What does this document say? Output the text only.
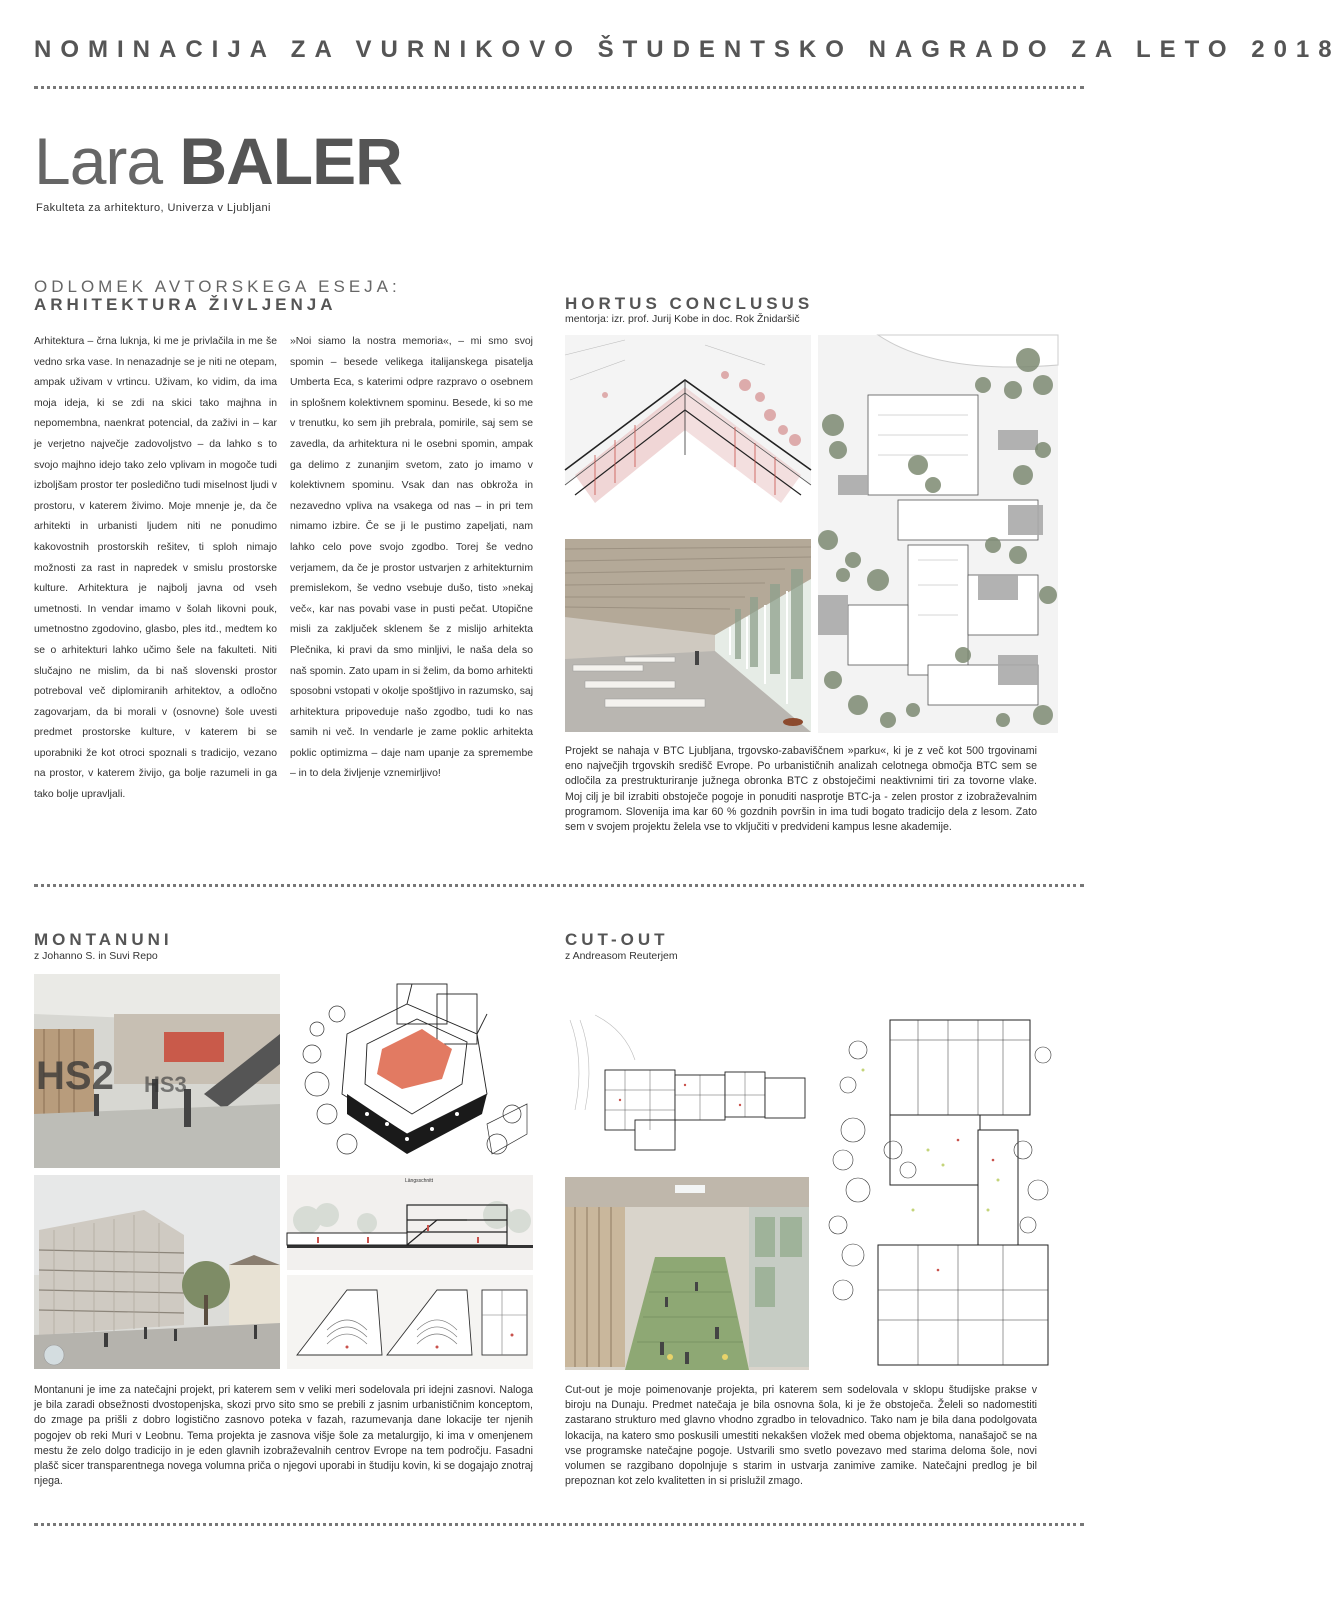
NOMINACIJA ZA VURNIKOVO ŠTUDENTSKO NAGRADO ZA LETO 2018
Lara BALER
Fakulteta za arhitekturo, Univerza v Ljubljani
ODLOMEK AVTORSKEGA ESEJA:
ARHITEKTURA ŽIVLJENJA
Arhitektura – črna luknja, ki me je privlačila in me še vedno srka vase. In nenazadnje se je niti ne otepam, ampak uživam v vrtincu. Uživam, ko vidim, da ima moja ideja, ki se zdi na skici tako majhna in nepomembna, naenkrat potencial, da zaživi in – kar je verjetno največje zadovoljstvo – da lahko s to svojo majhno idejo tako zelo vplivam in mogoče tudi izboljšam prostor ter posledično tudi miselnost ljudi v prostoru, v katerem živimo. Moje mnenje je, da če arhitekti in urbanisti ljudem niti ne ponudimo kakovostnih prostorskih rešitev, ti sploh nimajo možnosti za rast in napredek v smislu prostorske kulture. Arhitektura je najbolj javna od vseh umetnosti. In vendar imamo v šolah likovni pouk, umetnostno zgodovino, glasbo, ples itd., medtem ko se o arhitekturi lahko učimo šele na fakulteti. Niti slučajno ne mislim, da bi naš slovenski prostor potreboval več diplomiranih arhitektov, a odločno zagovarjam, da bi morali v (osnovne) šole uvesti predmet prostorske kulture, v katerem bi se uporabniki že kot otroci spoznali s tradicijo, vezano na prostor, v katerem živijo, ga bolje razumeli in ga tako bolje upravljali.
»Noi siamo la nostra memoria«, – mi smo svoj spomin – besede velikega italijanskega pisatelja Umberta Eca, s katerimi odpre razpravo o osebnem in splošnem kolektivnem spominu. Besede, ki so me v trenutku, ko sem jih prebrala, pomirile, saj sem se zavedla, da arhitektura ni le osebni spomin, ampak ga delimo z zunanjim svetom, zato jo imamo v kolektivnem spominu. Vsak dan nas obkroža in nezavedno vpliva na vsakega od nas – in pri tem nimamo izbire. Če se ji le pustimo zapeljati, nam lahko celo pove svojo zgodbo. Torej še vedno verjamem, da če je prostor ustvarjen z arhitekturnim premislekom, še vedno vsebuje dušo, tisto »nekaj več«, kar nas povabi vase in pusti pečat. Utopične misli za zaključek sklenem še z mislijo arhitekta Plečnika, ki pravi da smo minljivi, le naša dela so naš spomin. Zato upam in si želim, da bomo arhitekti sposobni vstopati v okolje spoštljivo in razumsko, saj arhitektura pripoveduje našo zgodbo, tudi ko nas samih ni več. In vendarle je zame poklic arhitekta poklic optimizma – daje nam upanje za spremembe – in to dela življenje vznemirljivo!
HORTUS CONCLUSUS
mentorja: izr. prof. Jurij Kobe in doc. Rok Žnidaršič
Projekt se nahaja v BTC Ljubljana, trgovsko-zabaviščnem »parku«, ki je z več kot 500 trgovinami eno največjih trgovskih središč Evrope. Po urbanističnih analizah celotnega območja BTC sem se odločila za prestrukturiranje južnega obronka BTC z obstoječimi neaktivnimi tiri za tovorne vlake. Moj cilj je bil izrabiti obstoječe pogoje in ponuditi nasprotje BTC-ja - zelen prostor z izobraževalnim programom. Slovenija ima kar 60 % gozdnih površin in ima tudi bogato tradicijo dela z lesom. Zato sem v svojem projektu želela vse to vključiti v predvideni kampus lesne akademije.
MONTANUNI
z Johanno S. in Suvi Repo
HS2 HS3
Längsschnitt
Montanuni je ime za natečajni projekt, pri katerem sem v veliki meri sodelovala pri idejni zasnovi. Naloga je bila zaradi obsežnosti dvostopenjska, skozi prvo sito smo se prebili z jasnim urbanističnim konceptom, do zmage pa prišli z dobro logistično zasnovo poteka v fazah, razumevanja dane lokacije ter njenih pogojev ob reki Muri v Leobnu. Tema projekta je zasnova višje šole za metalurgijo, ki ima v omenjenem mestu že zelo dolgo tradicijo in je eden glavnih izobraževalnih centrov Evrope na tem področju. Fasadni plašč sicer transparentnega novega volumna priča o njegovi uporabi in študiju kovin, ki se dogajajo znotraj njega.
CUT-OUT
z Andreasom Reuterjem
Cut-out je moje poimenovanje projekta, pri katerem sem sodelovala v sklopu študijske prakse v biroju na Dunaju. Predmet natečaja je bila osnovna šola, ki je že obstoječa. Želeli so nadomestiti zastarano strukturo med glavno vhodno zgradbo in telovadnico. Tako nam je bila dana podolgovata lokacija, na katero smo poskusili umestiti nekakšen vložek med obema objektoma, nanašajoč se na vse programske natečajne pogoje. Ustvarili smo svetlo povezavo med starima deloma šole, novi volumen se razgibano dopolnjuje s starim in ustvarja zanimive zamike. Natečajni predlog je bil prepoznan kot zelo kvalitetten in si prislužil zmago.
